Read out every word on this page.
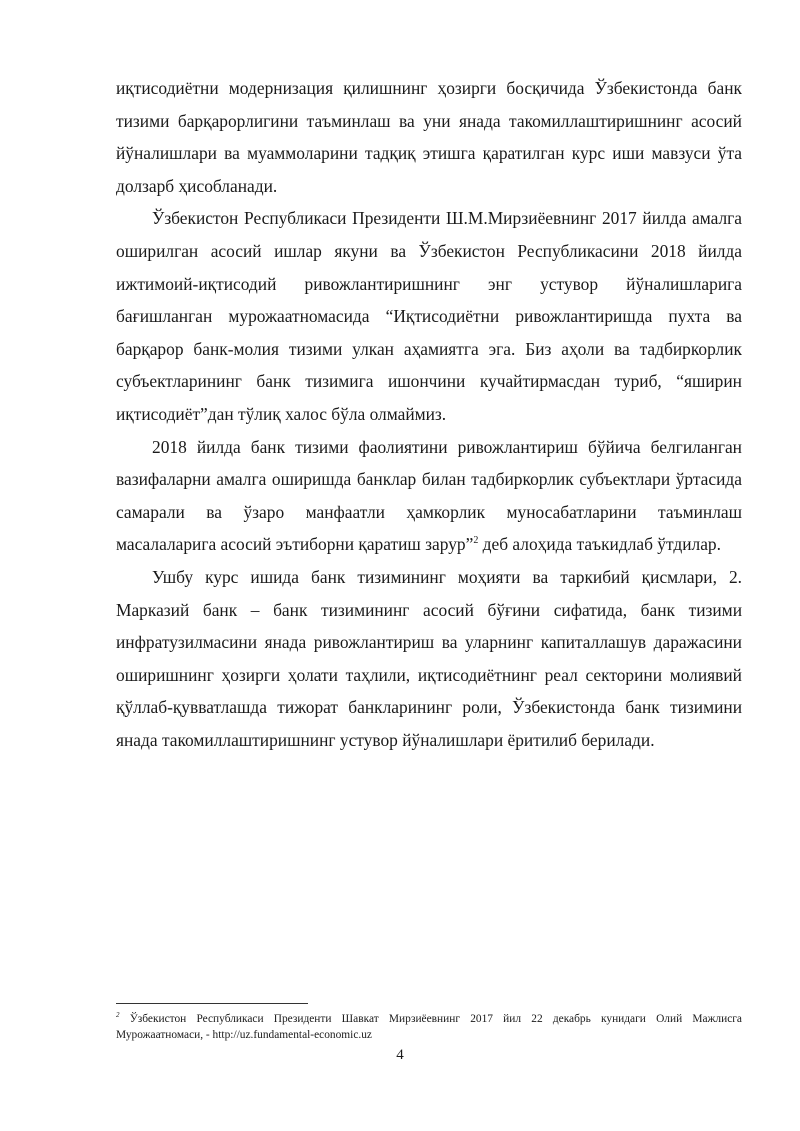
иқтисодиётни модернизация қилишнинг ҳозирги босқичида Ўзбекистонда банк тизими барқарорлигини таъминлаш ва уни янада такомиллаштиришнинг асосий йўналишлари ва муаммоларини тадқиқ этишга қаратилган курс иши мавзуси ўта долзарб ҳисобланади.

Ўзбекистон Республикаси Президенти Ш.М.Мирзиёевнинг 2017 йилда амалга оширилган асосий ишлар якуни ва Ўзбекистон Республикасини 2018 йилда ижтимоий-иқтисодий ривожлантиришнинг энг устувор йўналишларига бағишланган мурожаатномасида “Иқтисодиётни ривожлантиришда пухта ва барқарор банк-молия тизими улкан аҳамиятга эга. Биз аҳоли ва тадбиркорлик субъектларининг банк тизимига ишончини кучайтирмасдан туриб, “яширин иқтисодиёт”дан тўлиқ халос бўла олмаймиз.

2018 йилда банк тизими фаолиятини ривожлантириш бўйича белгиланган вазифаларни амалга оширишда банклар билан тадбиркорлик субъектлари ўртасида самарали ва ўзаро манфаатли ҳамкорлик муносабатларини таъминлаш масалаларига асосий эътиборни қаратиш зарур”$^2$ деб алоҳида таъкидлаб ўтдилар.

Ушбу курс ишида банк тизимининг моҳияти ва таркибий қисмлари, 2. Марказий банк – банк тизимининг асосий бўғини сифатида, банк тизими инфратузилмасини янада ривожлантириш ва уларнинг капиталлашув даражасини оширишнинг ҳозирги ҳолати таҳлили, иқтисодиётнинг реал секторини молиявий қўллаб-қувватлашда тижорат банкларининг роли, Ўзбекистонда банк тизимини янада такомиллаштиришнинг устувор йўналишлари ёритилиб берилади.

$^2$ Ўзбекистон Республикаси Президенти Шавкат Мирзиёевнинг 2017 йил 22 декабрь кунидаги Олий Мажлисга Мурожаатномаси, - http://uz.fundamental-economic.uz
4
